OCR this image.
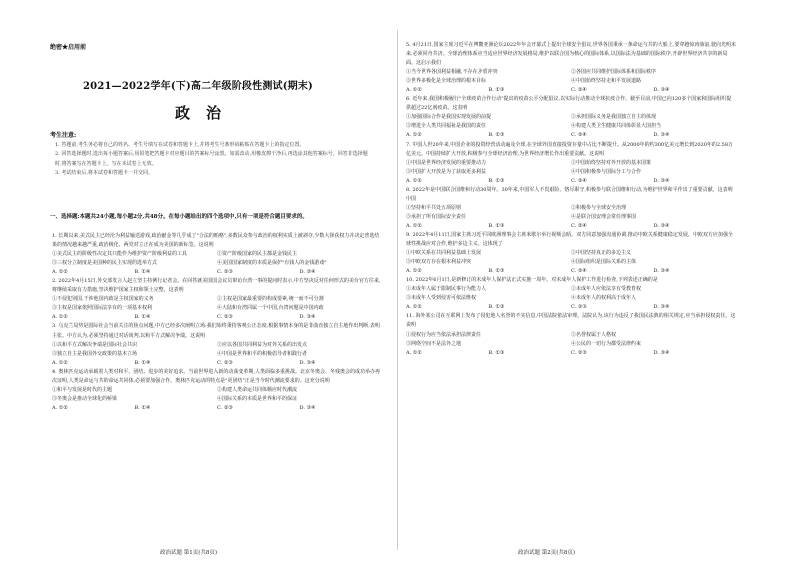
绝密★启用前
2021—2022学年(下)高二年级阶段性测试(期末)
政治
考生注意:

1. 答题前,考生务必将自己的姓名、考生号填写在试卷和答题卡上,并将考生号条形码粘贴在答题卡上的指定位置。

2. 回答选择题时,选出每小题答案后,用铅笔把答题卡对应题目的答案标号涂黑。如需改动,用橡皮擦干净后,再选涂其他答案标号。回答非选择题时,将答案写在答题卡上。写在本试卷上无效。

3. 考试结束后,将本试卷和答题卡一并交回。

一、选择题:本题共24小题,每小题2分,共48分。在每小题给出的四个选项中,只有一项是符合题目要求的。

1. 长期以来,美式民主已经沦为利益输送游戏,政治献金等几乎成了"合法的贿赂",多数民众参与政治的权利实质上被剥夺,少数大择获权力并决定普选结果的情况越来越严重,政治极化、两党对立正在成为美国的新标签。这说明

①美式民主的阶级性决定其只能作为维护资产阶级利益的工具	②资产阶级国家的民主都是金钱民主
③三权分立制度是美国种的民主实现的选举方式	④美国国家制度的本质是保护"有钱人的金钱游戏"
A. ①②	B. ①④	C. ②③	D. ③④

2. 2022年4月15日,外交部发言人赵立坚主持例行记者会。在回答就美国国会议员窜访台湾一事的提问时表示,中方坚决反对任何形式的美台官方往来,将继续采取有力措施,坚决维护国家主权和领土完整。这表明

①不侵犯别国,干涉他国内政是主权国家的义务	②主权是国家最重要的构成要素,统一而不可分割
③主权是国家依照国际法享有的一项基本权利	④大陆和台湾同属一个中国,台湾问题是中国内政
A. ①②	B. ①④	C. ②③	D. ③④

3. 乌克兰局势是国际社会当前关注的焦点问题,中方已经多次阐明立场:我们始终秉持客观公正态度,根据事情本身的是非曲直独立自主地作出判断,表明主张。中方认为,必须坚持通过对话谈判,以和平方式解决争端。这说明

①以和平方式解决争端是国际社会共识	②应以各国共同利益为对外关系的出发点
③独立自主是我国外交政策的基本立场	④中国是世界和平的积极倡导者和践行者
A. ①②	B. ①④	C. ②③	D. ③④

4. 奥林匹克运动承载着人类对和平、团结、进步的美好追求。当前世界进入新的动荡变革期,人类面临多重挑战。北京冬奥会、冬残奥会的成功举办再次证明,人类是命运与共的命运共同体,必须要加强合作。奥林匹克运动的特点是"更团结"正是当今时代潮流要求的。这充分说明

①和平与发展是时代的主题	②构建人类命运共同体顺应时代潮流
③冬奥会是推动全球化的桥梁	④国际关系的本质是世界和平的保证
A. ①②	B. ①④	C. ②③	D. ③④
政治试题 第1页(共8页)

5. 4月21日,国家主席习近平在博鳌亚洲论坛2022年年会开幕式上提出全球安全倡议,世界各国秉承一条命运与共的大船上,要穿越惊涛骇浪,驶向光明未来,必须同舟共济。全球治理体系应当适应世界经济发展格局,维护以联合国为核心的国际体系,以国际法为基础的国际秩序,开辟世界经济共享的新局面。这启示我们

①当今世界各国利益相融,不存在矛盾冲突	②各国应共同维护国际体系和国际秩序
③世界多极化是全球治理的根本目标	④中国始终坚持走和平发展道路
A. ①②	B. ①③	C. ②④	D. ③④

6. 近年来,我国积极履行"全球疫苗合作行动"提出的疫苗公平分配倡议,以实际行动推动全球抗疫合作。截至目前,中国已向120多个国家和国际组织提供超过22亿剂疫苗。这表明

①加强国际合作是我国实现发展的前提	②承担国际义务是我国独立自主的体现
③增进全人类共同福祉是我国的责任	④构建人类卫生健康共同体彰显大国担当
A. ①②	B. ①③	C. ②④	D. ③④

7. 中国人世20年来,中国企业的投资经营活动遍及全球,在全球外国直接投资存量中占比不断提升。从2000年的约300亿美元增长到2020年的2.58万亿美元。中国持续扩大开放,积极参与全球经济治理,为世界经济增长作出重要贡献。这说明

①中国是世界经济发展的重要推动力	②中国始终坚持对外开放的基本国策
③中国扩大开放是为了获取更多利益	④中国积极参与国际分工与合作
A. ①②	B. ①③	C. ②④	D. ③④

8. 2022年是中国联合国维和行动30周年。30年来,中国军人不畏艰险、恪尽职守,积极参与联合国维和行动,为维护世界和平作出了重要贡献。这表明中国

①坚持和平共处五项原则	②积极参与全球安全治理
③承担了所有国际安全责任	④是联合国安理会常任理事国
A. ①②	B. ①③	C. ②④	D. ③④

9. 2022年4月11日,国家主席习近平同欧洲理事会主席米歇尔举行视频会晤。双方同意加强沟通协调,推动中欧关系健康稳定发展。中欧双方应加强全球性挑战应对合作,维护多边主义。这体现了

①中欧关系在共同利益基础上发展	②中国坚持真正的多边主义
③中欧双方存在根本利益冲突	④国际组织是国际关系的主体
A. ①②	B. ①③	C. ②④	D. ③④

10. 2022年6月1日,是新修订的未成年人保护法正式实施一周年。对未成年人保护工作进行检查,下列表述正确的是

①未成年人属于限制民事行为能力人	②未成年人应依法享有受教育权
③未成年人受到侵害可依法维权	④未成年人的权利高于成年人
A. ①②	B. ①③	C. ②③	D. ③④

11. 海外某公司在互联网上发布了侵犯他人名誉的不实信息,中国法院依法审理。法院认为,该行为违反了我国民法典的相关规定,应当承担侵权责任。这说明

①侵权行为应当依法承担法律责任	②名誉权属于人格权
③网络空间不是法外之地	④公民的一切行为都受法律约束
A. ①②	B. ①③	C. ②③	D. ③④
政治试题 第2页(共8页)
